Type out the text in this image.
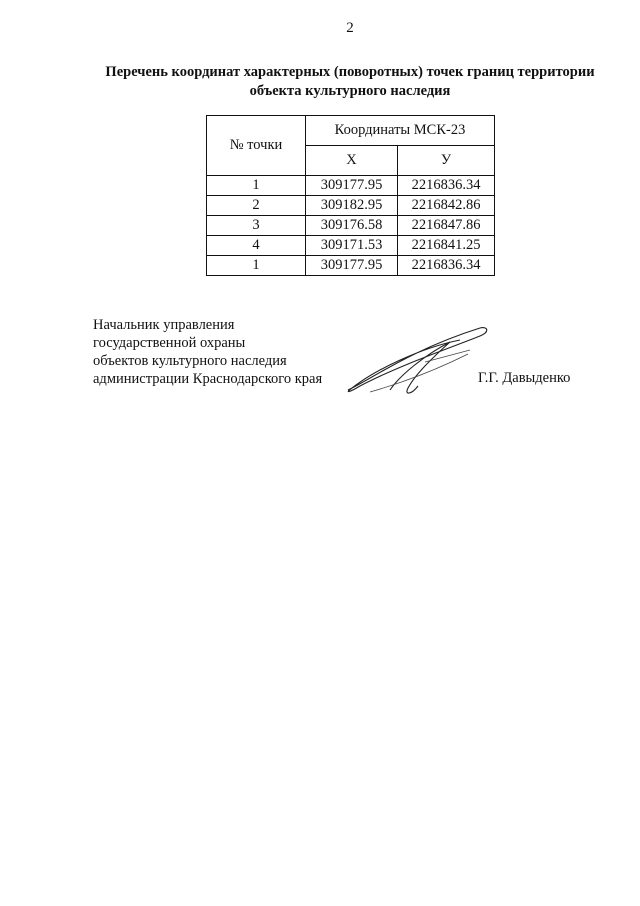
2
Перечень координат характерных (поворотных) точек границ территории
объекта культурного наследия
№ точки	Координаты МСК-23	
	Х	У
1	309177.95	2216836.34
2	309182.95	2216842.86
3	309176.58	2216847.86
4	309171.53	2216841.25
1	309177.95	2216836.34
Начальник управления
государственной охраны
объектов культурного наследия
администрации Краснодарского края	Г.Г. Давыденко
